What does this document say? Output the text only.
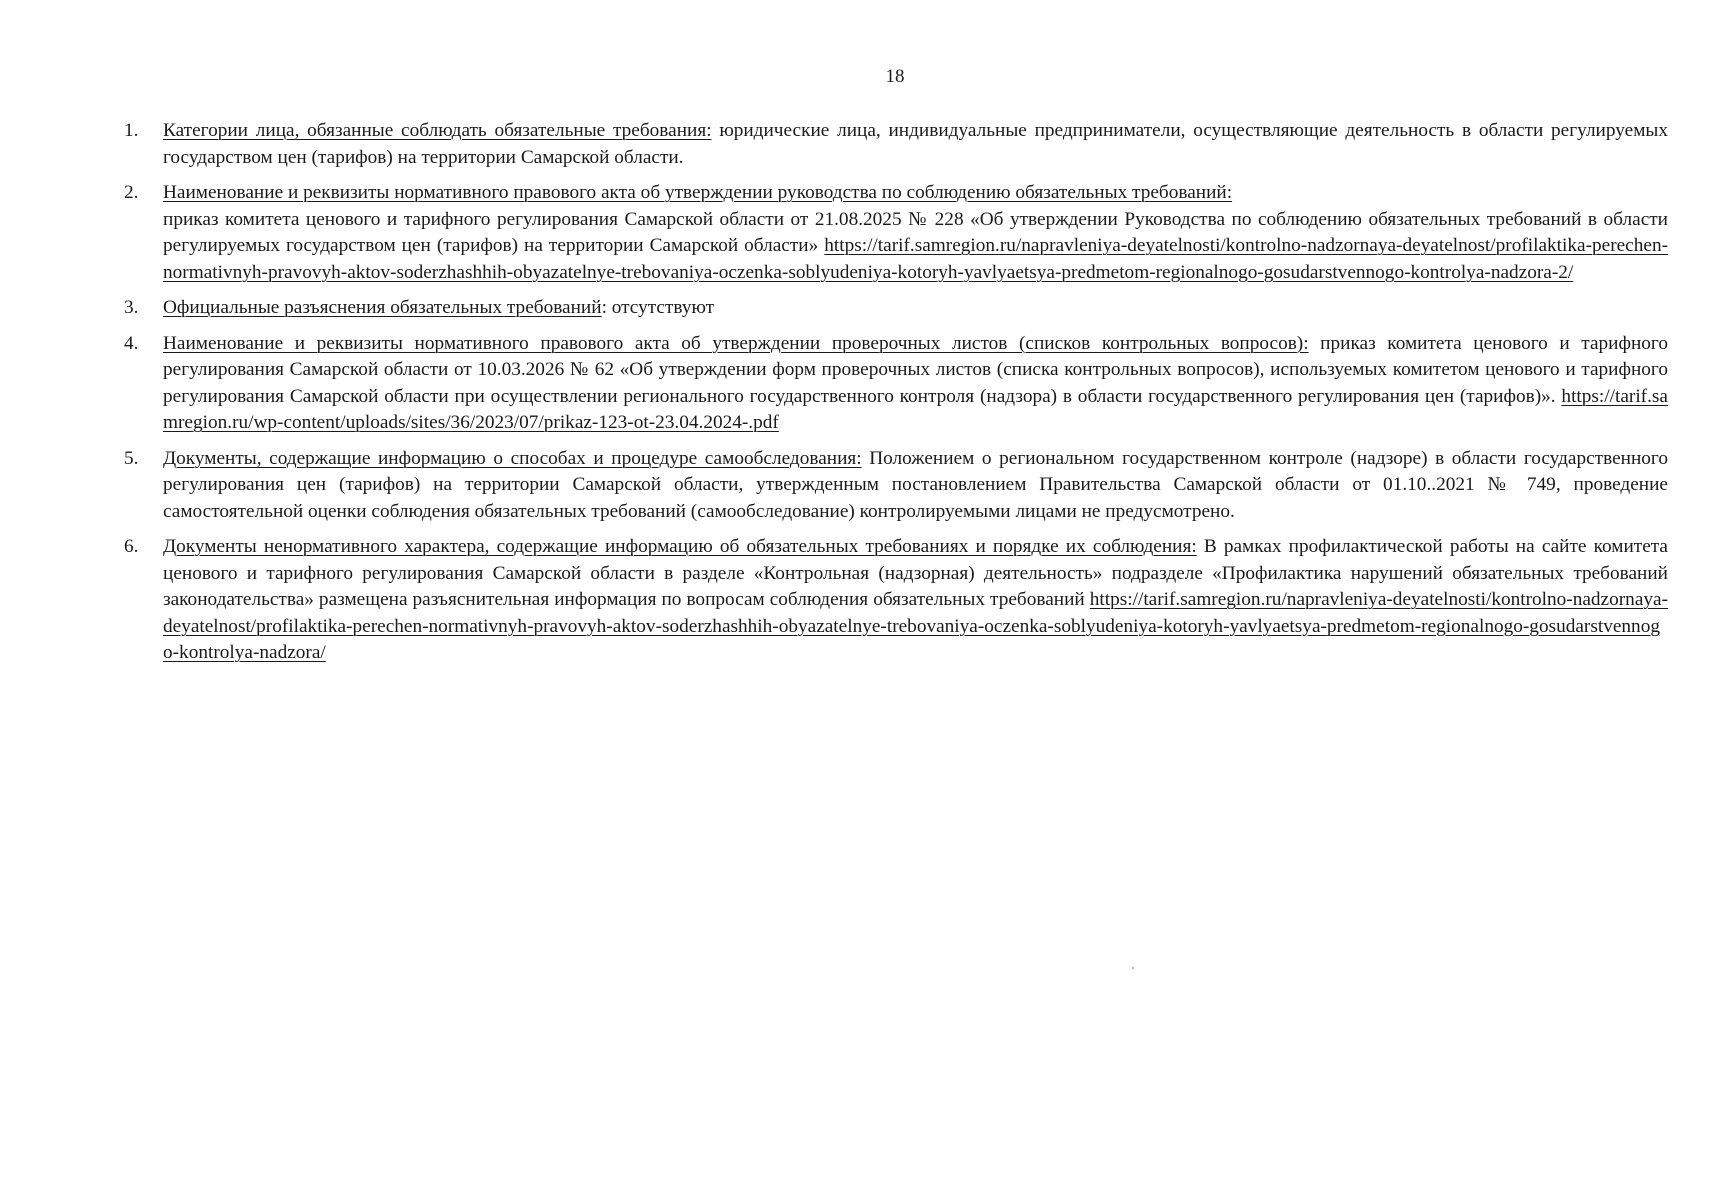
18
1. Категории лица, обязанные соблюдать обязательные требования: юридические лица, индивидуальные предприниматели, осуществляющие деятельность в области регулируемых государством цен (тарифов) на территории Самарской области.
2. Наименование и реквизиты нормативного правового акта об утверждении руководства по соблюдению обязательных требований:
приказ комитета ценового и тарифного регулирования Самарской области от 21.08.2025 № 228 «Об утверждении Руководства по соблюдению обязательных требований в области регулируемых государством цен (тарифов) на территории Самарской области» https://tarif.samregion.ru/napravleniya-deyatelnosti/kontrolno-nadzornaya-deyatelnost/profilaktika-perechen-normativnyh-pravovyh-aktov-soderzhashhih-obyazatelnye-trebovaniya-oczenka-soblyudeniya-kotoryh-yavlyaetsya-predmetom-regionalnogo-gosudarstvennogo-kontrolya-nadzora-2/
3. Официальные разъяснения обязательных требований: отсутствуют
4. Наименование и реквизиты нормативного правового акта об утверждении проверочных листов (списков контрольных вопросов): приказ комитета ценового и тарифного регулирования Самарской области от 10.03.2026 № 62 «Об утверждении форм проверочных листов (списка контрольных вопросов), используемых комитетом ценового и тарифного регулирования Самарской области при осуществлении регионального государственного контроля (надзора) в области государственного регулирования цен (тарифов)». https://tarif.samregion.ru/wp-content/uploads/sites/36/2023/07/prikaz-123-ot-23.04.2024-.pdf
5. Документы, содержащие информацию о способах и процедуре самообследования: Положением о региональном государственном контроле (надзоре) в области государственного регулирования цен (тарифов) на территории Самарской области, утвержденным постановлением Правительства Самарской области от 01.10..2021 № 749, проведение самостоятельной оценки соблюдения обязательных требований (самообследование) контролируемыми лицами не предусмотрено.
6. Документы ненормативного характера, содержащие информацию об обязательных требованиях и порядке их соблюдения: В рамках профилактической работы на сайте комитета ценового и тарифного регулирования Самарской области в разделе «Контрольная (надзорная) деятельность» подразделе «Профилактика нарушений обязательных требований законодательства» размещена разъяснительная информация по вопросам соблюдения обязательных требований https://tarif.samregion.ru/napravleniya-deyatelnosti/kontrolno-nadzornaya-deyatelnost/profilaktika-perechen-normativnyh-pravovyh-aktov-soderzhashhih-obyazatelnye-trebovaniya-oczenka-soblyudeniya-kotoryh-yavlyaetsya-predmetom-regionalnogo-gosudarstvennogo-kontrolya-nadzora/
